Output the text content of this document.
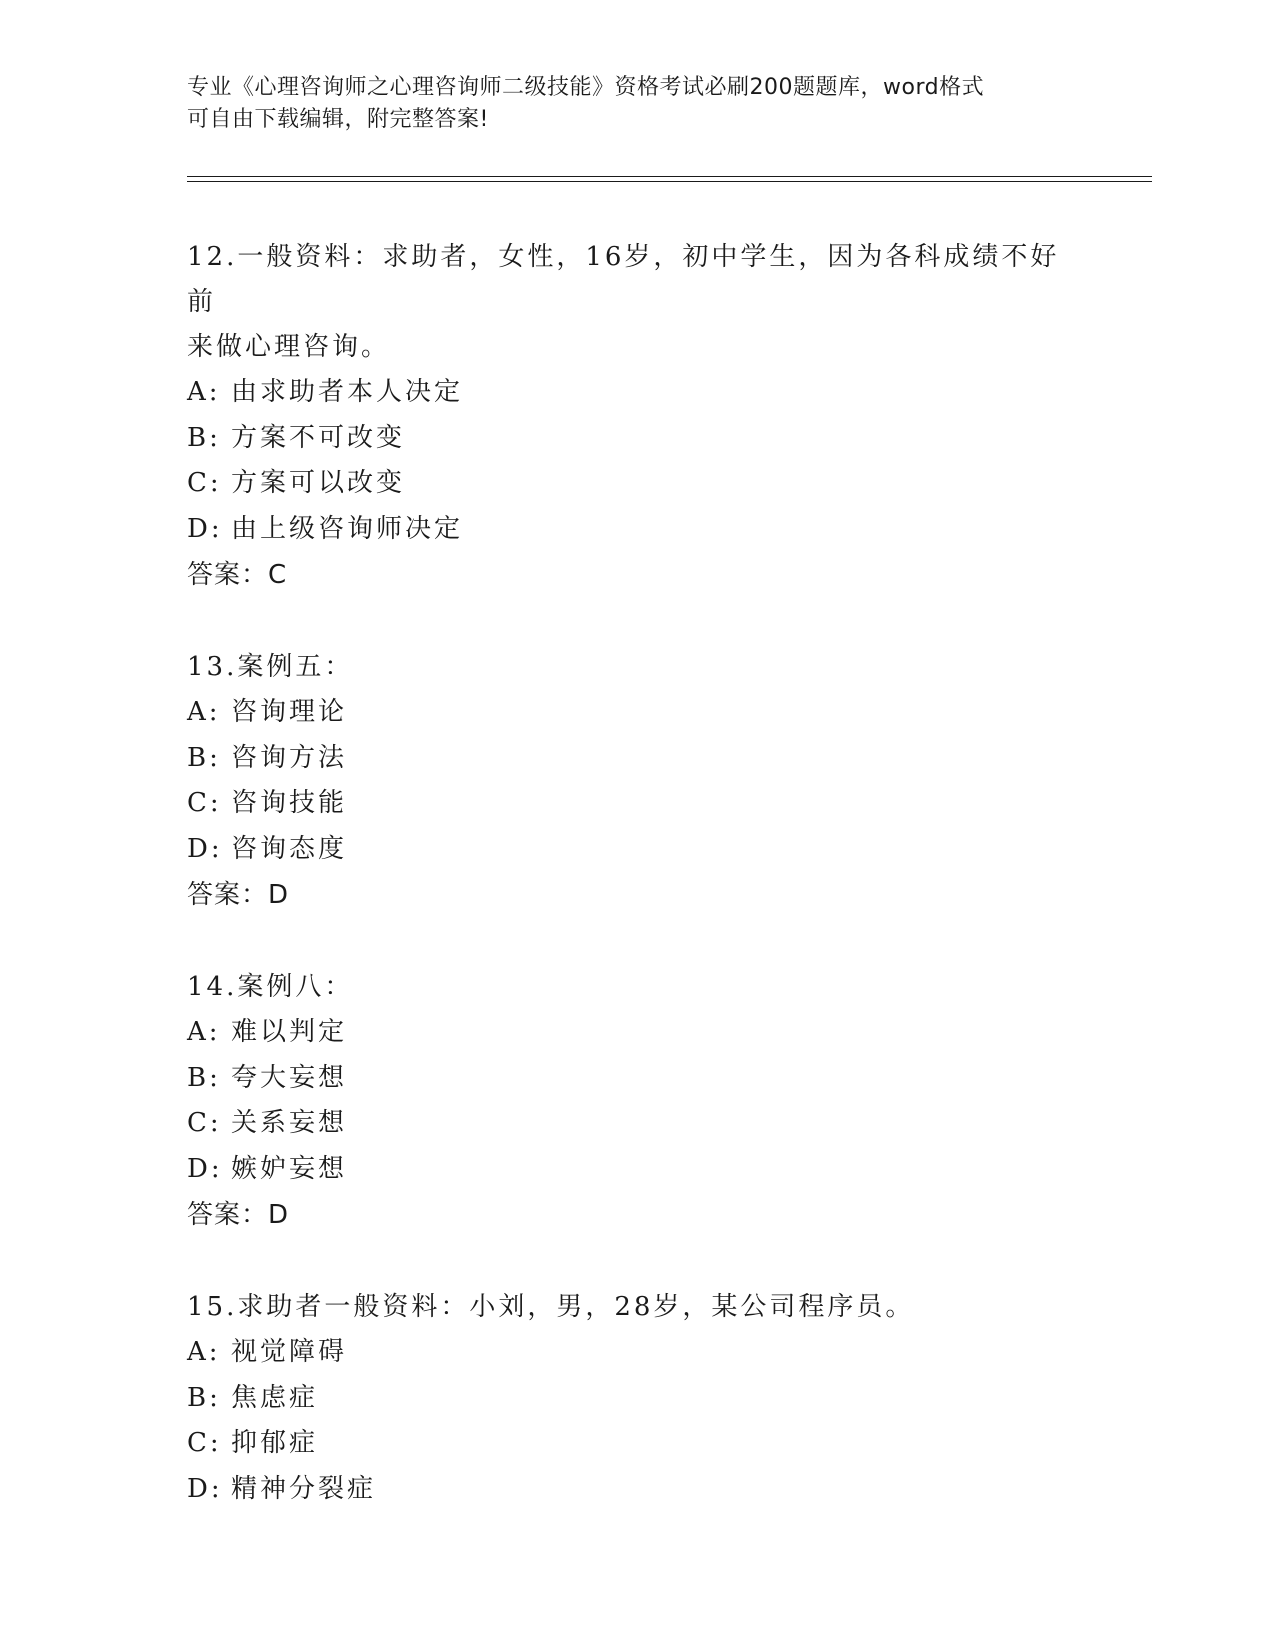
专业《心理咨询师之心理咨询师二级技能》资格考试必刷200题题库，word格式
可自由下载编辑，附完整答案!

12.一般资料：求助者，女性，16岁，初中学生，因为各科成绩不好前

来做心理咨询。

A: 由求助者本人决定

B: 方案不可改变

C: 方案可以改变

D: 由上级咨询师决定

答案：C

13.案例五：

A: 咨询理论

B: 咨询方法

C: 咨询技能

D: 咨询态度

答案：D

14.案例八：

A: 难以判定

B: 夸大妄想

C: 关系妄想

D: 嫉妒妄想

答案：D

15.求助者一般资料：小刘，男，28岁，某公司程序员。

A: 视觉障碍

B: 焦虑症

C: 抑郁症

D: 精神分裂症
